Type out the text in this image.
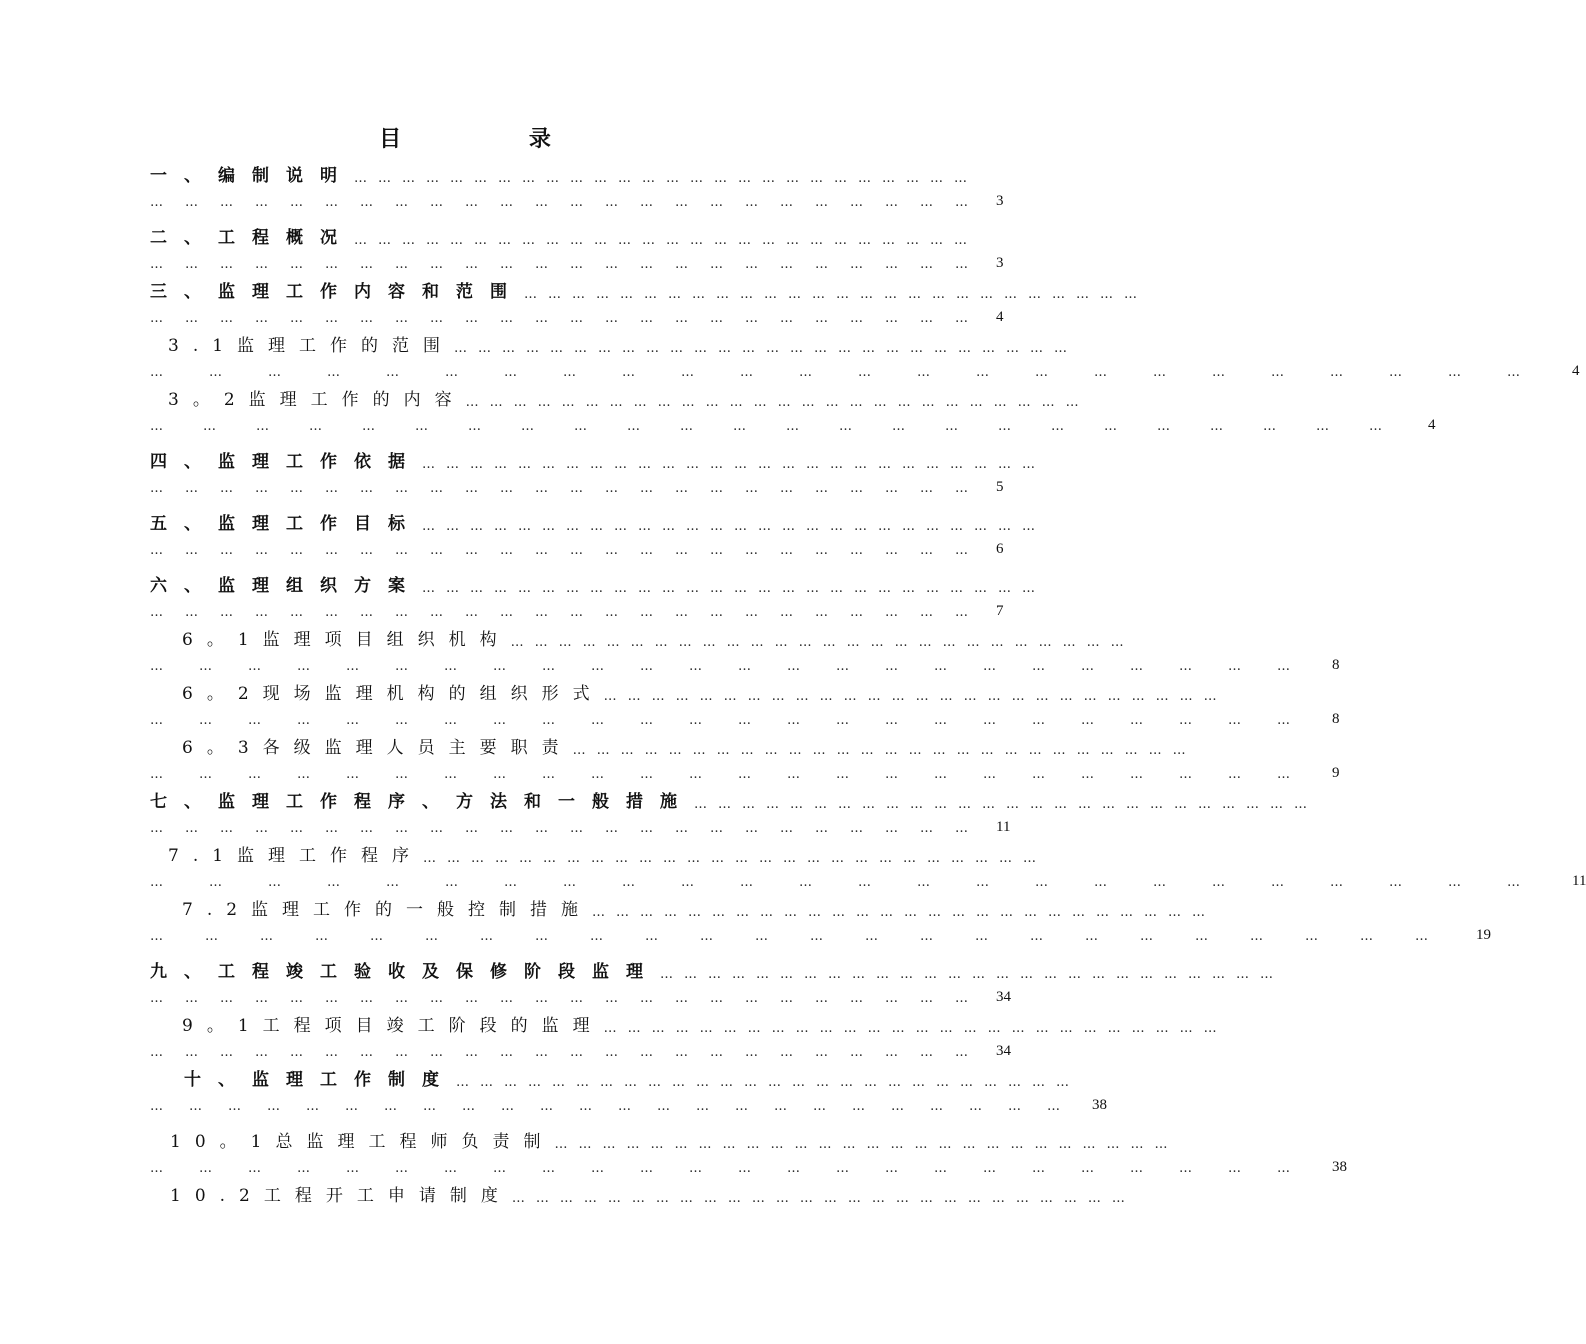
目 录
一、编制说明 ……………………………………………………………………
……………………………………………………………… 3
二、工程概况 ……………………………………………………………………
……………………………………………………………… 3
三、监理工作内容和范围 ……………………………………………………………………
……………………………………………………………… 4
3.1监理工作的范围 ……………………………………………………………………
……………………………………………………………… 4
3。2监理工作的内容 ……………………………………………………………………
……………………………………………………………… 4
四、监理工作依据 ……………………………………………………………………
……………………………………………………………… 5
五、监理工作目标 ……………………………………………………………………
……………………………………………………………… 6
六、监理组织方案 ……………………………………………………………………
……………………………………………………………… 7
6。1监理项目组织机构 ……………………………………………………………………
……………………………………………………………… 8
6。2现场监理机构的组织形式 ……………………………………………………………………
……………………………………………………………… 8
6。3各级监理人员主要职责 ……………………………………………………………………
……………………………………………………………… 9
七、监理工作程序、方法和一般措施 ……………………………………………………………………
……………………………………………………………… 11
7.1监理工作程序 ……………………………………………………………………
……………………………………………………………… 11
7.2监理工作的一般控制措施 ……………………………………………………………………
……………………………………………………………… 19
九、工程竣工验收及保修阶段监理 ……………………………………………………………………
……………………………………………………………… 34
9。1工程项目竣工阶段的监理 ……………………………………………………………………
……………………………………………………………… 34
十、监理工作制度 ……………………………………………………………………
……………………………………………………………… 38
10。1总监理工程师负责制 ……………………………………………………………………
……………………………………………………………… 38
10.2工程开工申请制度 ……………………………………………………………………
